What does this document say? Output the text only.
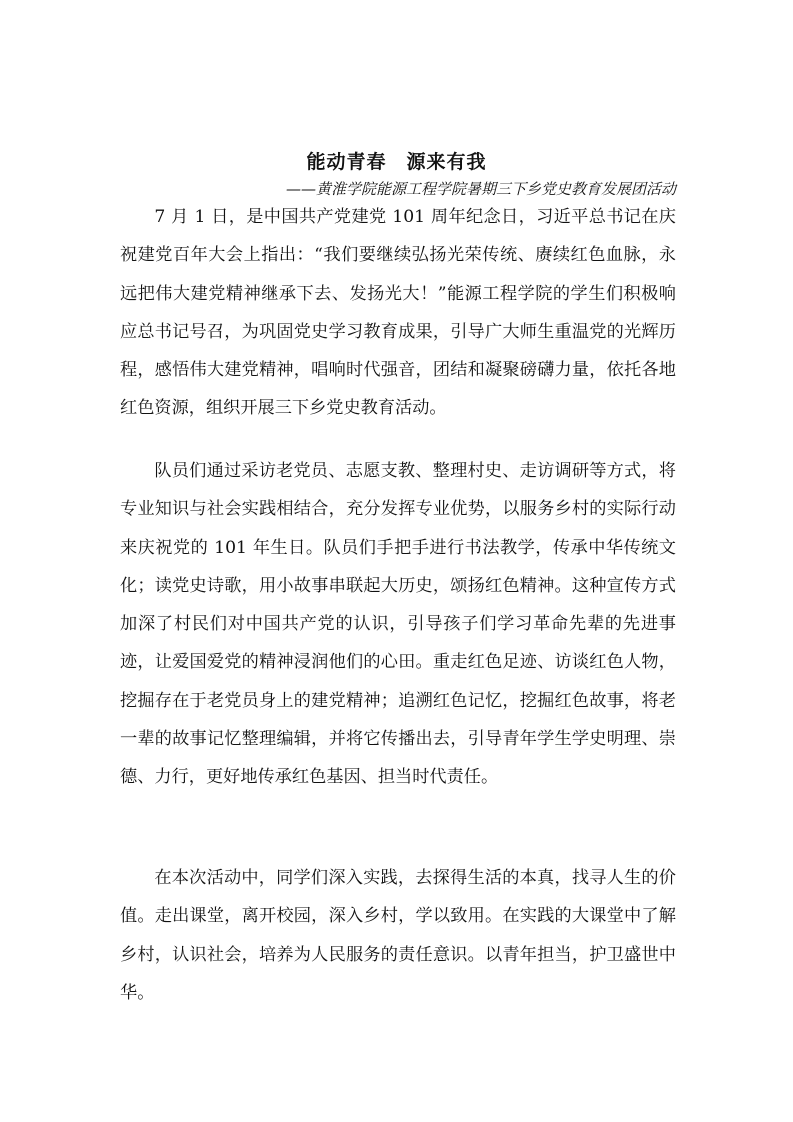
能动青春　源来有我

——黄淮学院能源工程学院暑期三下乡党史教育发展团活动

7 月 1 日，是中国共产党建党 101 周年纪念日，习近平总书记在庆祝建党百年大会上指出：“我们要继续弘扬光荣传统、赓续红色血脉，永远把伟大建党精神继承下去、发扬光大！”能源工程学院的学生们积极响应总书记号召，为巩固党史学习教育成果，引导广大师生重温党的光辉历程，感悟伟大建党精神，唱响时代强音，团结和凝聚磅礴力量，依托各地红色资源，组织开展三下乡党史教育活动。

队员们通过采访老党员、志愿支教、整理村史、走访调研等方式，将专业知识与社会实践相结合，充分发挥专业优势，以服务乡村的实际行动来庆祝党的 101 年生日。队员们手把手进行书法教学，传承中华传统文化；读党史诗歌，用小故事串联起大历史，颂扬红色精神。这种宣传方式加深了村民们对中国共产党的认识，引导孩子们学习革命先辈的先进事迹，让爱国爱党的精神浸润他们的心田。重走红色足迹、访谈红色人物，挖掘存在于老党员身上的建党精神；追溯红色记忆，挖掘红色故事，将老一辈的故事记忆整理编辑，并将它传播出去，引导青年学生学史明理、崇德、力行，更好地传承红色基因、担当时代责任。

在本次活动中，同学们深入实践，去探得生活的本真，找寻人生的价值。走出课堂，离开校园，深入乡村，学以致用。在实践的大课堂中了解乡村，认识社会，培养为人民服务的责任意识。以青年担当，护卫盛世中华。
